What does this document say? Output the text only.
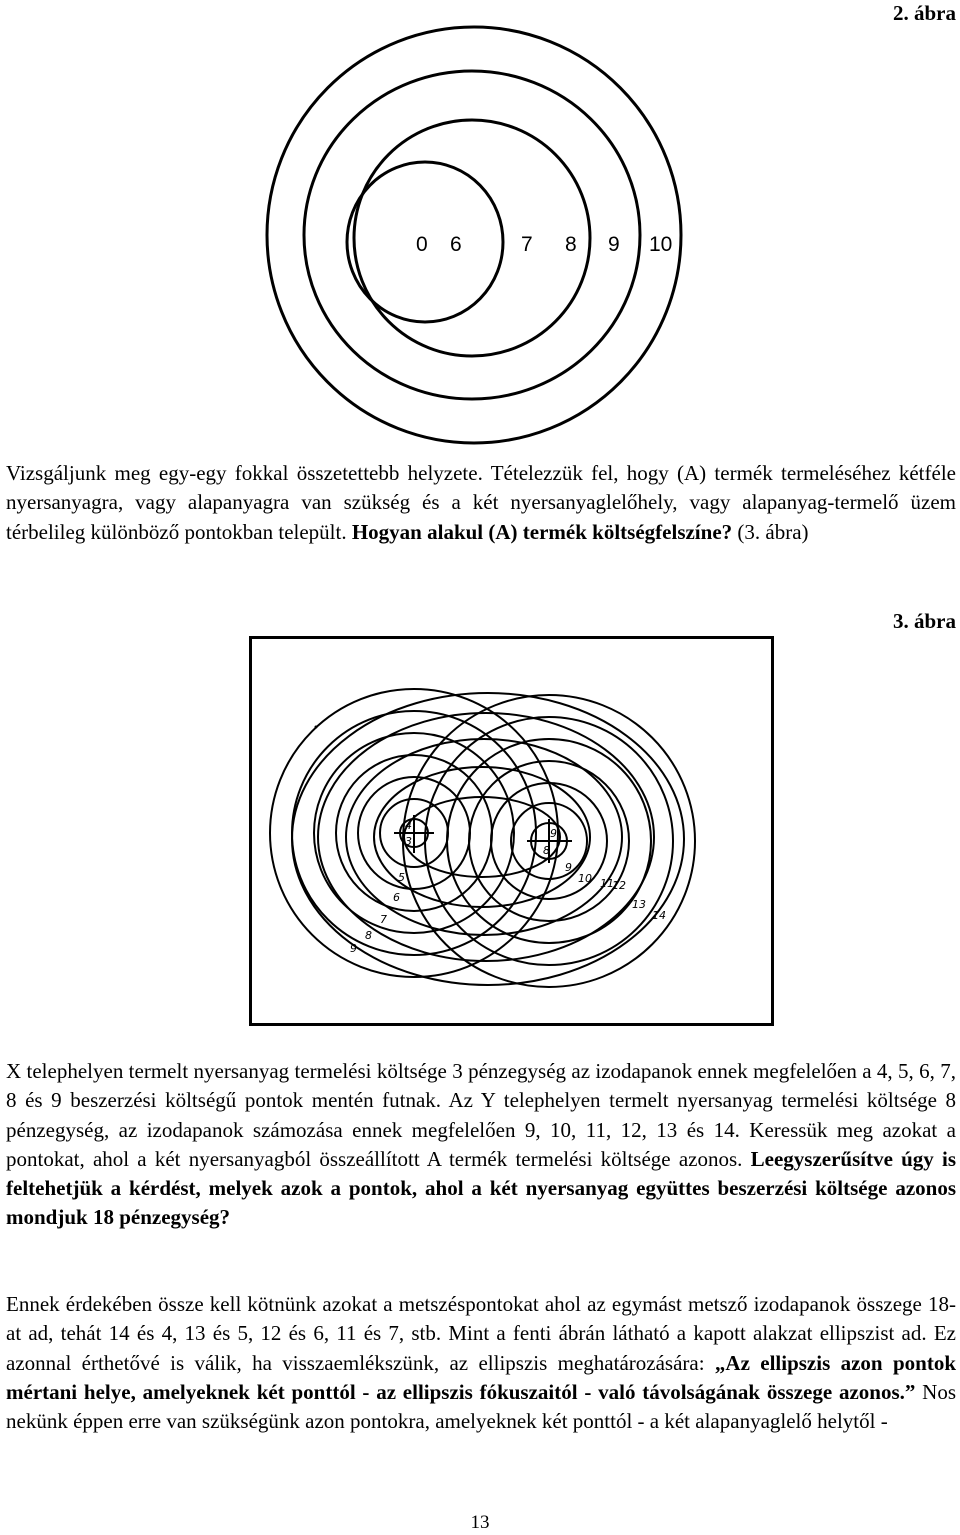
2. ábra
0 6	7 8 9 10

Vizsgáljunk meg egy-egy fokkal összetettebb helyzete. Tételezzük fel, hogy (A) termék termeléséhez kétféle nyersanyagra, vagy alapanyagra van szükség és a két nyersanyaglelőhely, vagy alapanyag-termelő üzem térbelileg különböző pontokban települt. Hogyan alakul (A) termék költségfelszíne? (3. ábra)

3. ábra
4
3
9
8
5
6
7
8
9
9
10 11
12
13
14

X telephelyen termelt nyersanyag termelési költsége 3 pénzegység az izodapanok ennek megfelelően a 4, 5, 6, 7, 8 és 9 beszerzési költségű pontok mentén futnak. Az Y telephelyen termelt nyersanyag termelési költsége 8 pénzegység, az izodapanok számozása ennek megfelelően 9, 10, 11, 12, 13 és 14. Keressük meg azokat a pontokat, ahol a két nyersanyagból összeállított A termék termelési költsége azonos. Leegyszerűsítve úgy is feltehetjük a kérdést, melyek azok a pontok, ahol a két nyersanyag együttes beszerzési költsége azonos mondjuk 18 pénzegység?

Ennek érdekében össze kell kötnünk azokat a metszéspontokat ahol az egymást metsző izodapanok összege 18-at ad, tehát 14 és 4, 13 és 5, 12 és 6, 11 és 7, stb. Mint a fenti ábrán látható a kapott alakzat ellipszist ad. Ez azonnal érthetővé is válik, ha visszaemlékszünk, az ellipszis meghatározására: „Az ellipszis azon pontok mértani helye, amelyeknek két ponttól - az ellipszis fókuszaitól - való távolságának összege azonos.” Nos nekünk éppen erre van szükségünk azon pontokra, amelyeknek két ponttól - a két alapanyaglelő helytől -

13
